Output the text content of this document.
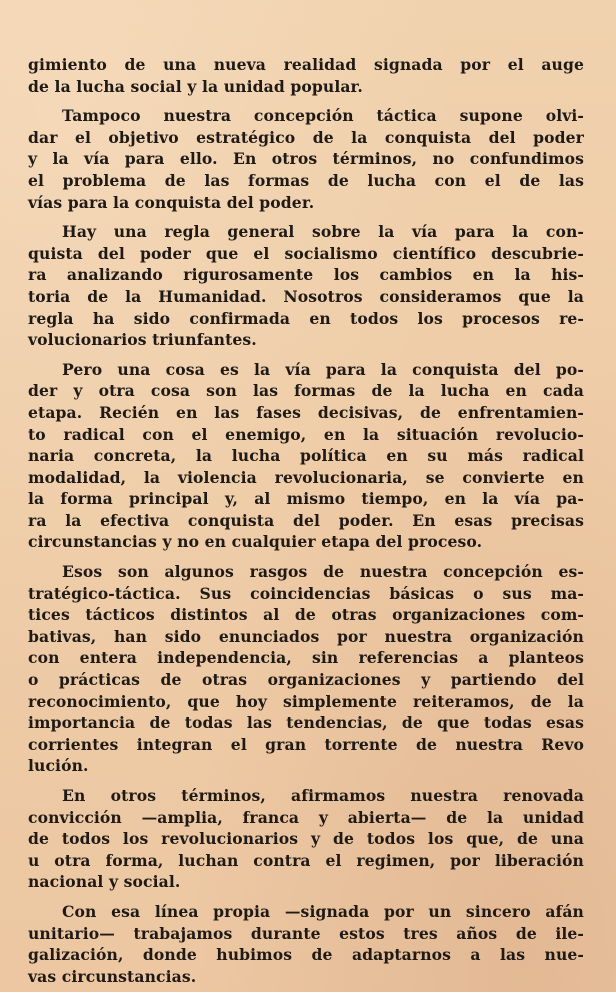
gimiento de una nueva realidad signada por el auge
de la lucha social y la unidad popular.
Tampoco nuestra concepción táctica supone olvi-
dar el objetivo estratégico de la conquista del poder
y la vía para ello. En otros términos, no confundimos
el problema de las formas de lucha con el de las
vías para la conquista del poder.
Hay una regla general sobre la vía para la con-
quista del poder que el socialismo científico descubrie-
ra analizando rigurosamente los cambios en la his-
toria de la Humanidad. Nosotros consideramos que la
regla ha sido confirmada en todos los procesos re-
volucionarios triunfantes.
Pero una cosa es la vía para la conquista del po-
der y otra cosa son las formas de la lucha en cada
etapa. Recién en las fases decisivas, de enfrentamien-
to radical con el enemigo, en la situación revolucio-
naria concreta, la lucha política en su más radical
modalidad, la violencia revolucionaria, se convierte en
la forma principal y, al mismo tiempo, en la vía pa-
ra la efectiva conquista del poder. En esas precisas
circunstancias y no en cualquier etapa del proceso.
Esos son algunos rasgos de nuestra concepción es-
tratégico-táctica. Sus coincidencias básicas o sus ma-
tices tácticos distintos al de otras organizaciones com-
bativas, han sido enunciados por nuestra organización
con entera independencia, sin referencias a planteos
o prácticas de otras organizaciones y partiendo del
reconocimiento, que hoy simplemente reiteramos, de la
importancia de todas las tendencias, de que todas esas
corrientes integran el gran torrente de nuestra Revo
lución.
En otros términos, afirmamos nuestra renovada
convicción —amplia, franca y abierta— de la unidad
de todos los revolucionarios y de todos los que, de una
u otra forma, luchan contra el regimen, por liberación
nacional y social.
Con esa línea propia —signada por un sincero afán
unitario— trabajamos durante estos tres años de ile-
galización, donde hubimos de adaptarnos a las nue-
vas circunstancias.
